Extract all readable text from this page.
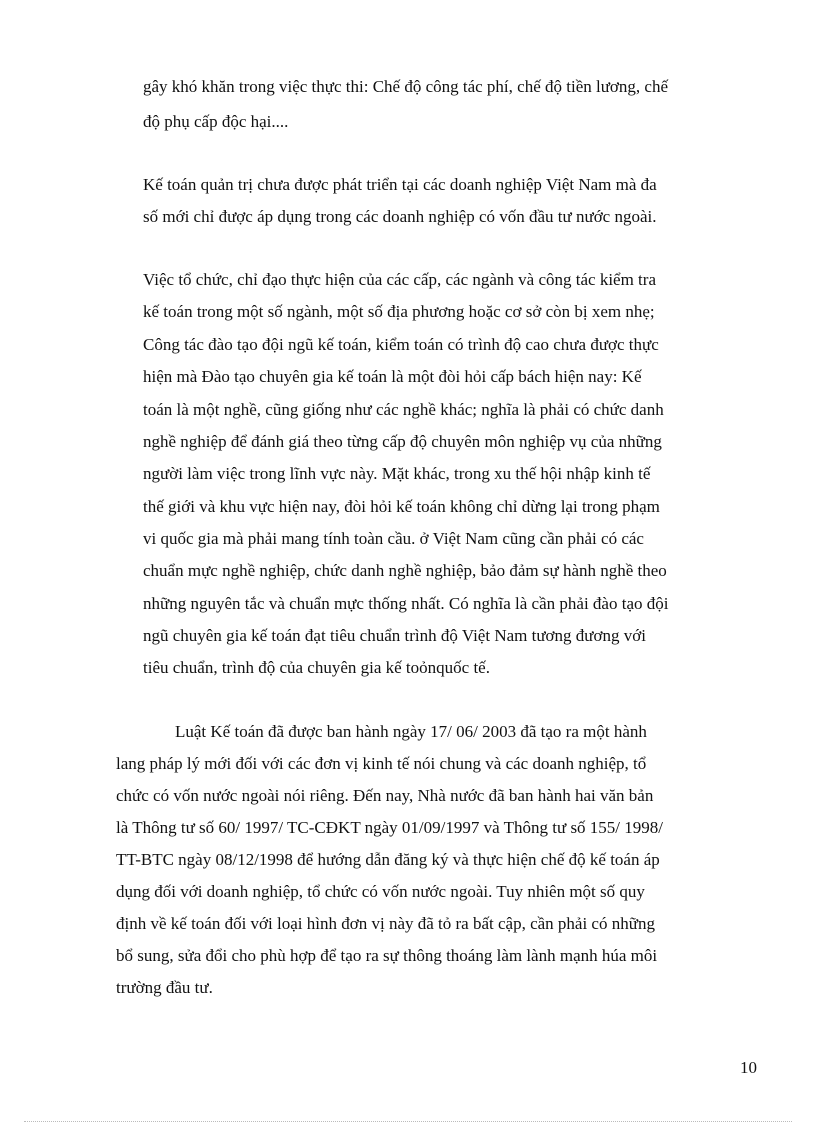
gây khó khăn trong việc thực thi: Chế độ công tác phí, chế độ tiền lương, chế
độ phụ cấp độc hại....
Kế toán quản trị chưa được phát triển tại các doanh nghiệp Việt Nam mà đa
số mới chỉ được áp dụng trong các doanh nghiệp có vốn đầu tư nước ngoài.
Việc tổ chức, chỉ đạo thực hiện của các cấp, các ngành và công tác kiểm tra
kế toán trong một số ngành, một số địa phương hoặc cơ sở còn bị xem nhẹ;
Công tác đào tạo đội ngũ kế toán, kiểm toán có trình độ cao chưa được thực
hiện mà Đào tạo chuyên gia kế toán là một đòi hỏi cấp bách hiện nay: Kế
toán là một nghề, cũng giống như các nghề khác; nghĩa là phải có chức danh
nghề nghiệp để đánh giá theo từng cấp độ chuyên môn nghiệp vụ của những
người làm việc trong lĩnh vực này. Mặt khác, trong xu thế hội nhập kinh tế
thế giới và khu vực hiện nay, đòi hỏi kế toán không chỉ dừng lại trong phạm
vi quốc gia mà phải mang tính toàn cầu. ở Việt Nam cũng cần phải có các
chuẩn mực nghề nghiệp, chức danh nghề nghiệp, bảo đảm sự hành nghề theo
những nguyên tắc và chuẩn mực thống nhất. Có nghĩa là cần phải đào tạo đội
ngũ chuyên gia kế toán đạt tiêu chuẩn trình độ Việt Nam tương đương với
tiêu chuẩn, trình độ của chuyên gia kế toỏnquốc tế.
Luật Kế toán đã được ban hành ngày 17/ 06/ 2003 đã tạo ra một hành
lang pháp lý mới đối với các đơn vị kinh tế nói chung và các doanh nghiệp, tổ
chức có vốn nước ngoài nói riêng. Đến nay, Nhà nước đã ban hành hai văn bản
là Thông tư số 60/ 1997/ TC-CĐKT ngày 01/09/1997 và Thông tư số 155/ 1998/
TT-BTC ngày 08/12/1998 để hướng dẫn đăng ký và thực hiện chế độ kế toán áp
dụng đối với doanh nghiệp, tổ chức có vốn nước ngoài. Tuy nhiên một số quy
định về kế toán đối với loại hình đơn vị này đã tỏ ra bất cập, cần phải có những
bổ sung, sửa đổi cho phù hợp để tạo ra sự thông thoáng làm lành mạnh húa môi
trường đầu tư.
10
